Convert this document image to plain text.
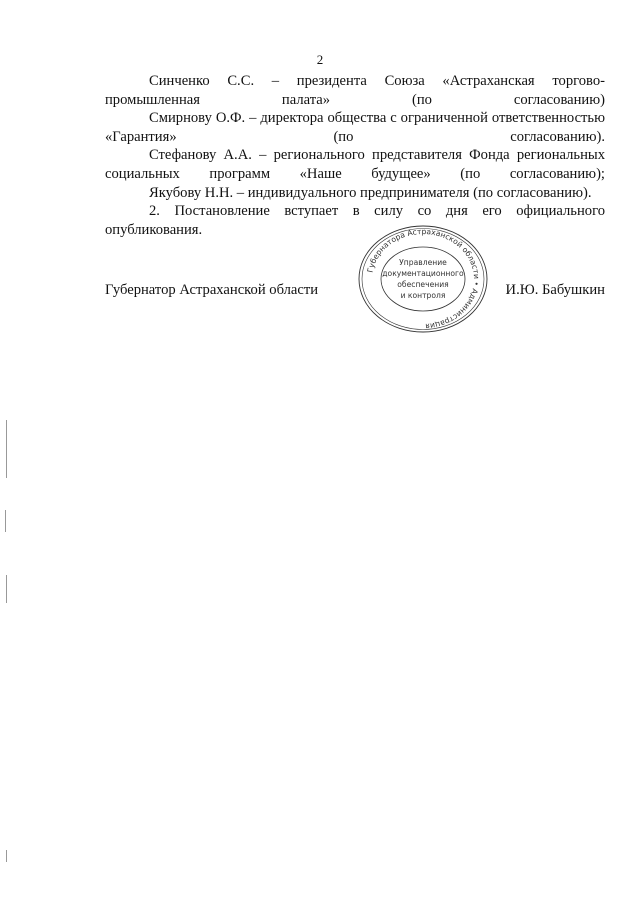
2

Синченко С.С. – президента Союза «Астраханская торгово-промышленная палата» (по согласованию)

Смирнову О.Ф. – директора общества с ограниченной ответственностью «Гарантия» (по согласованию).

Стефанову А.А. – регионального представителя Фонда региональных социальных программ «Наше будущее» (по согласованию);

Якубову Н.Н. – индивидуального предпринимателя (по согласованию).

2. Постановление вступает в силу со дня его официального опубликования.

Губернатор Астраханской области	И.Ю. Бабушкин
Губернатора Астраханской области • Администрация
Управление
документационного
обеспечения
и контроля
